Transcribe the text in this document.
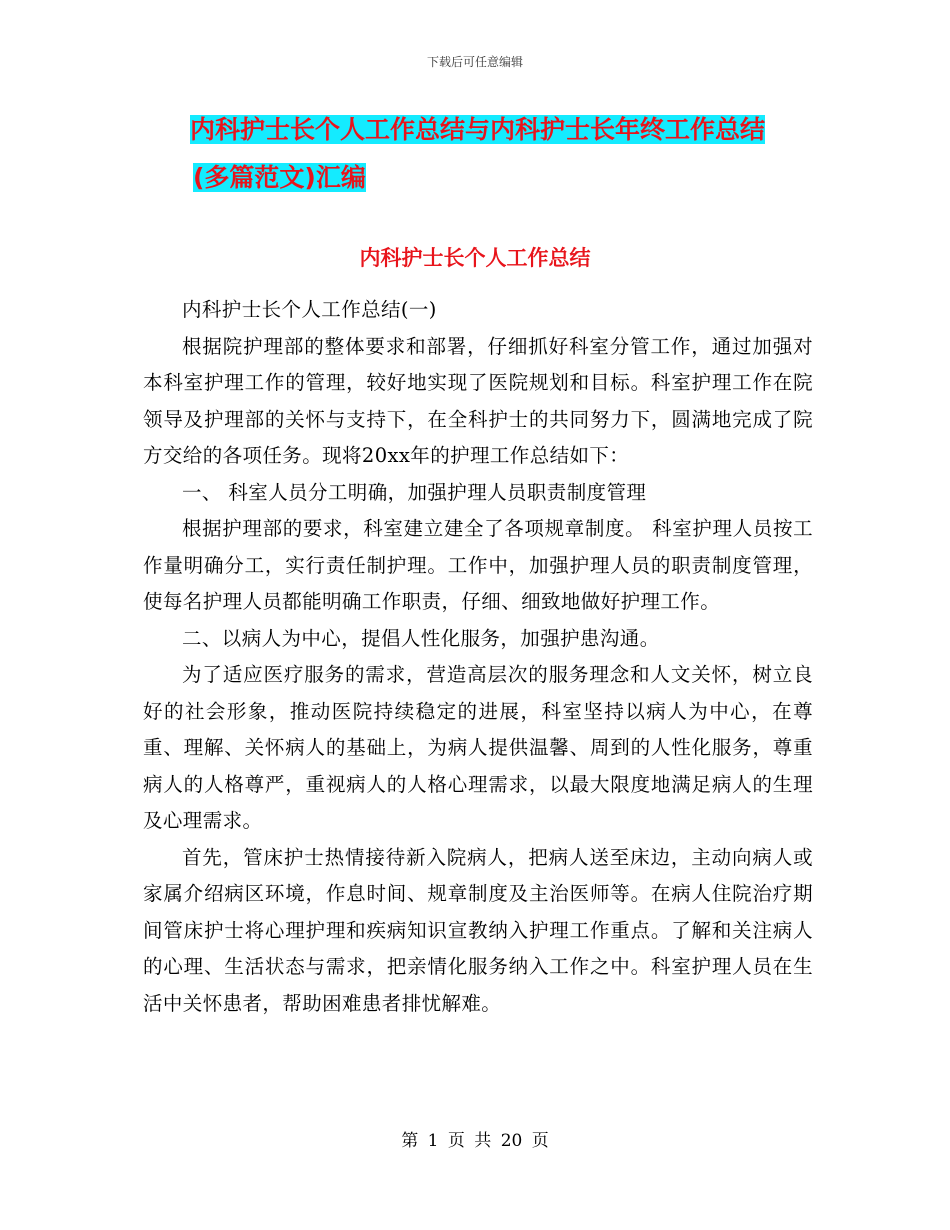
下载后可任意编辑
内科护士长个人工作总结与内科护士长年终工作总结
(多篇范文)汇编
内科护士长个人工作总结

内科护士长个人工作总结(一)

根据院护理部的整体要求和部署，仔细抓好科室分管工作，通过加强对本科室护理工作的管理，较好地实现了医院规划和目标。科室护理工作在院领导及护理部的关怀与支持下，在全科护士的共同努力下，圆满地完成了院方交给的各项任务。现将20xx年的护理工作总结如下：

一、 科室人员分工明确，加强护理人员职责制度管理

根据护理部的要求，科室建立建全了各项规章制度。 科室护理人员按工作量明确分工，实行责任制护理。工作中，加强护理人员的职责制度管理，使每名护理人员都能明确工作职责，仔细、细致地做好护理工作。

二、以病人为中心，提倡人性化服务，加强护患沟通。

为了适应医疗服务的需求，营造高层次的服务理念和人文关怀，树立良好的社会形象，推动医院持续稳定的进展，科室坚持以病人为中心，在尊重、理解、关怀病人的基础上，为病人提供温馨、周到的人性化服务，尊重病人的人格尊严，重视病人的人格心理需求，以最大限度地满足病人的生理及心理需求。

首先，管床护士热情接待新入院病人，把病人送至床边，主动向病人或家属介绍病区环境，作息时间、规章制度及主治医师等。在病人住院治疗期间管床护士将心理护理和疾病知识宣教纳入护理工作重点。了解和关注病人的心理、生活状态与需求，把亲情化服务纳入工作之中。科室护理人员在生活中关怀患者，帮助困难患者排忧解难。

第 1 页 共 20 页
